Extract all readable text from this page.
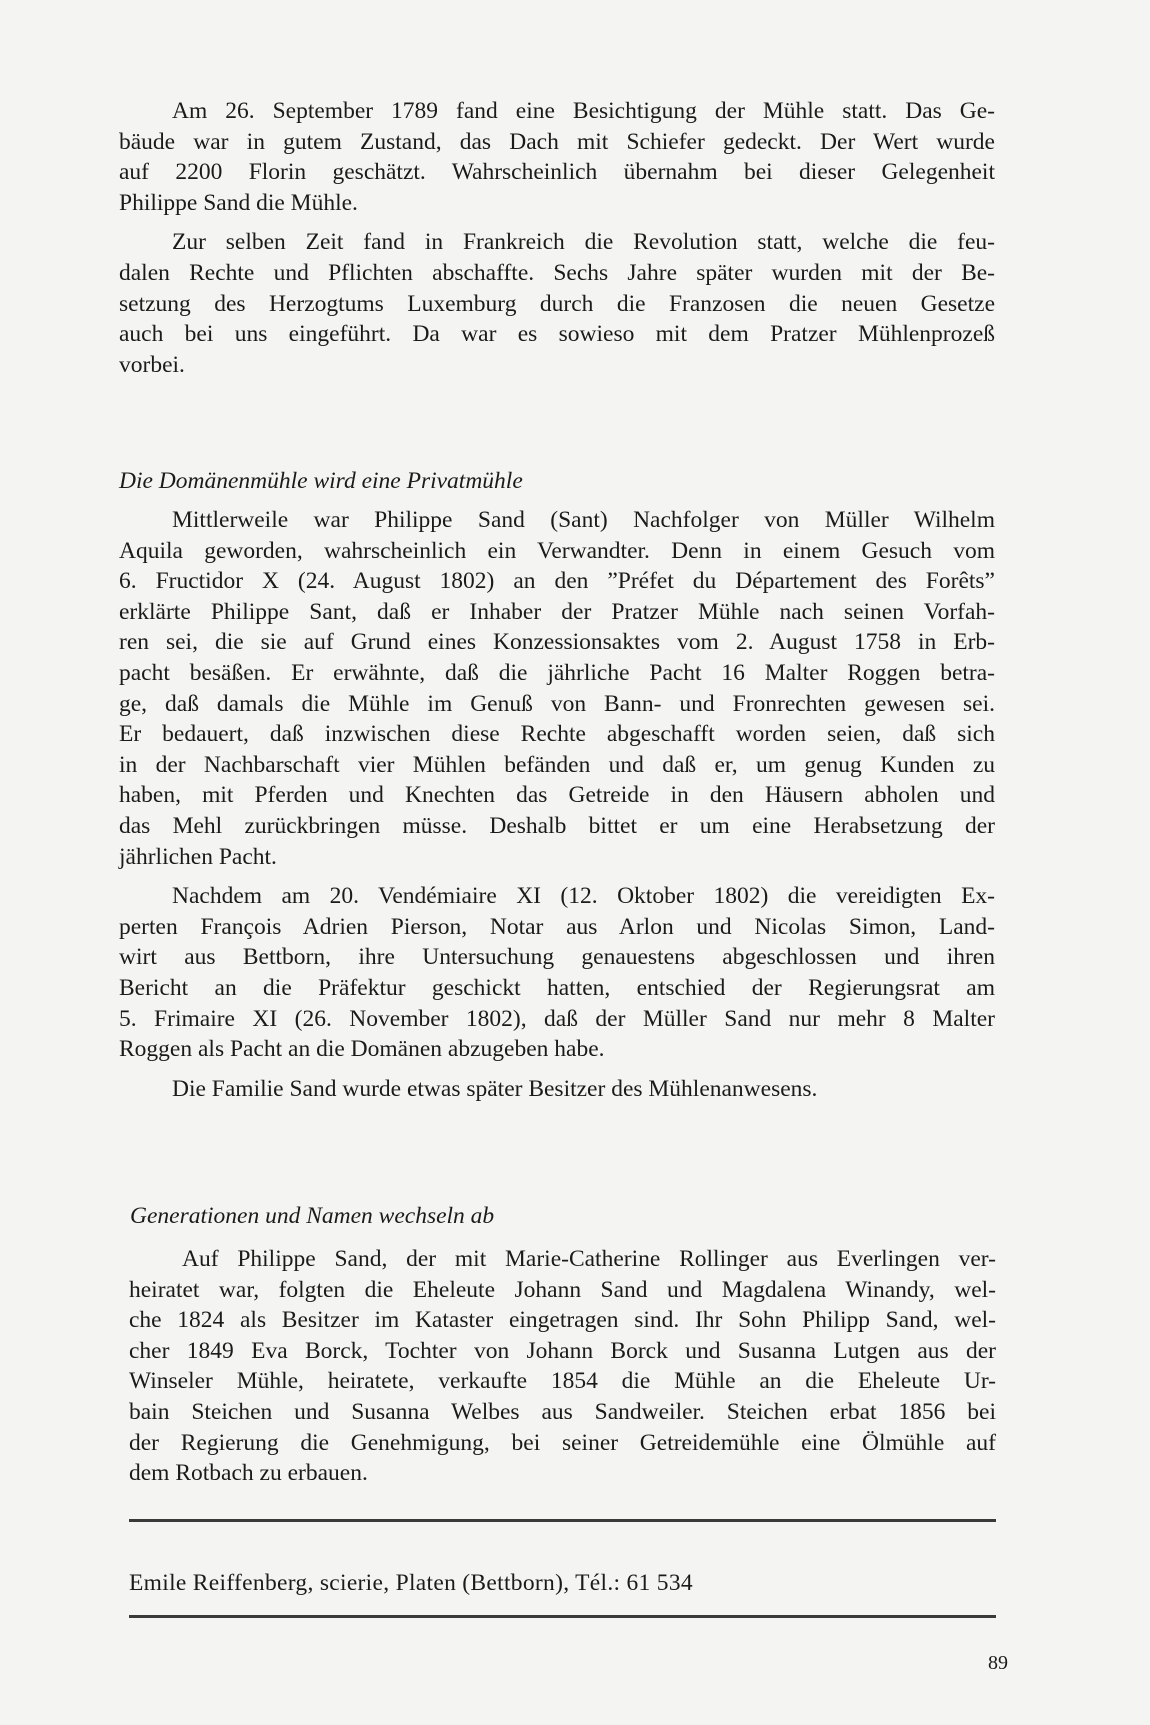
Am 26. September 1789 fand eine Besichtigung der Mühle statt. Das Ge-
bäude war in gutem Zustand, das Dach mit Schiefer gedeckt. Der Wert wurde
auf 2200 Florin geschätzt. Wahrscheinlich übernahm bei dieser Gelegenheit
Philippe Sand die Mühle.

Zur selben Zeit fand in Frankreich die Revolution statt, welche die feu-
dalen Rechte und Pflichten abschaffte. Sechs Jahre später wurden mit der Be-
setzung des Herzogtums Luxemburg durch die Franzosen die neuen Gesetze
auch bei uns eingeführt. Da war es sowieso mit dem Pratzer Mühlenprozeß
vorbei.

Die Domänenmühle wird eine Privatmühle

Mittlerweile war Philippe Sand (Sant) Nachfolger von Müller Wilhelm
Aquila geworden, wahrscheinlich ein Verwandter. Denn in einem Gesuch vom
6. Fructidor X (24. August 1802) an den ”Préfet du Département des Forêts”
erklärte Philippe Sant, daß er Inhaber der Pratzer Mühle nach seinen Vorfah-
ren sei, die sie auf Grund eines Konzessionsaktes vom 2. August 1758 in Erb-
pacht besäßen. Er erwähnte, daß die jährliche Pacht 16 Malter Roggen betra-
ge, daß damals die Mühle im Genuß von Bann- und Fronrechten gewesen sei.
Er bedauert, daß inzwischen diese Rechte abgeschafft worden seien, daß sich
in der Nachbarschaft vier Mühlen befänden und daß er, um genug Kunden zu
haben, mit Pferden und Knechten das Getreide in den Häusern abholen und
das Mehl zurückbringen müsse. Deshalb bittet er um eine Herabsetzung der
jährlichen Pacht.

Nachdem am 20. Vendémiaire XI (12. Oktober 1802) die vereidigten Ex-
perten François Adrien Pierson, Notar aus Arlon und Nicolas Simon, Land-
wirt aus Bettborn, ihre Untersuchung genauestens abgeschlossen und ihren
Bericht an die Präfektur geschickt hatten, entschied der Regierungsrat am
5. Frimaire XI (26. November 1802), daß der Müller Sand nur mehr 8 Malter
Roggen als Pacht an die Domänen abzugeben habe.

Die Familie Sand wurde etwas später Besitzer des Mühlenanwesens.

Generationen und Namen wechseln ab

Auf Philippe Sand, der mit Marie-Catherine Rollinger aus Everlingen ver-
heiratet war, folgten die Eheleute Johann Sand und Magdalena Winandy, wel-
che 1824 als Besitzer im Kataster eingetragen sind. Ihr Sohn Philipp Sand, wel-
cher 1849 Eva Borck, Tochter von Johann Borck und Susanna Lutgen aus der
Winseler Mühle, heiratete, verkaufte 1854 die Mühle an die Eheleute Ur-
bain Steichen und Susanna Welbes aus Sandweiler. Steichen erbat 1856 bei
der Regierung die Genehmigung, bei seiner Getreidemühle eine Ölmühle auf
dem Rotbach zu erbauen.

Emile Reiffenberg, scierie, Platen (Bettborn), Tél.: 61 534
89
